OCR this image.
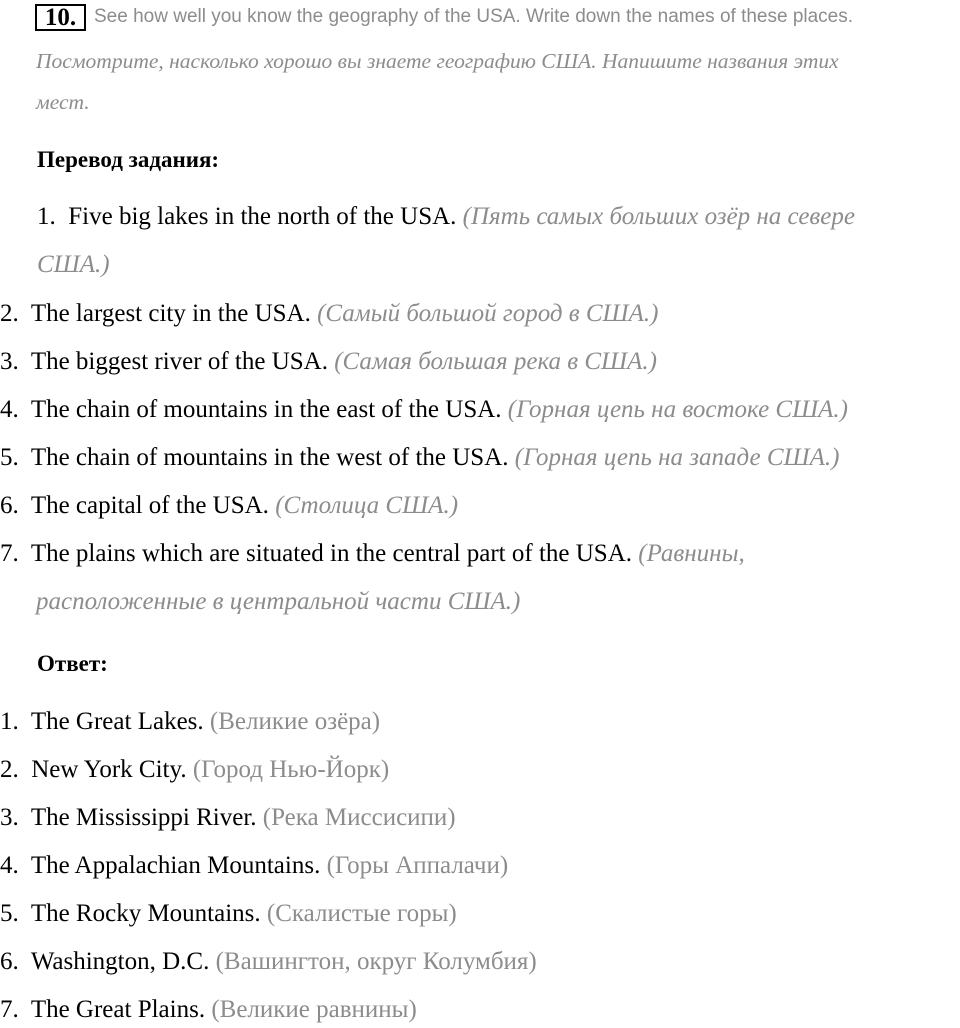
10. See how well you know the geography of the USA. Write down the names of these places.
Посмотрите, насколько хорошо вы знаете географию США. Напишите названия этих
мест.
Перевод задания:
1. Five big lakes in the north of the USA. (Пять самых больших озёр на севере
США.)
2. The largest city in the USA. (Самый большой город в США.)
3. The biggest river of the USA. (Самая большая река в США.)
4. The chain of mountains in the east of the USA. (Горная цепь на востоке США.)
5. The chain of mountains in the west of the USA. (Горная цепь на западе США.)
6. The capital of the USA. (Столица США.)
7. The plains which are situated in the central part of the USA. (Равнины,
расположенные в центральной части США.)
Ответ:
1. The Great Lakes. (Великие озёра)
2. New York City. (Город Нью-Йорк)
3. The Mississippi River. (Река Миссисипи)
4. The Appalachian Mountains. (Горы Аппалачи)
5. The Rocky Mountains. (Скалистые горы)
6. Washington, D.C. (Вашингтон, округ Колумбия)
7. The Great Plains. (Великие равнины)
